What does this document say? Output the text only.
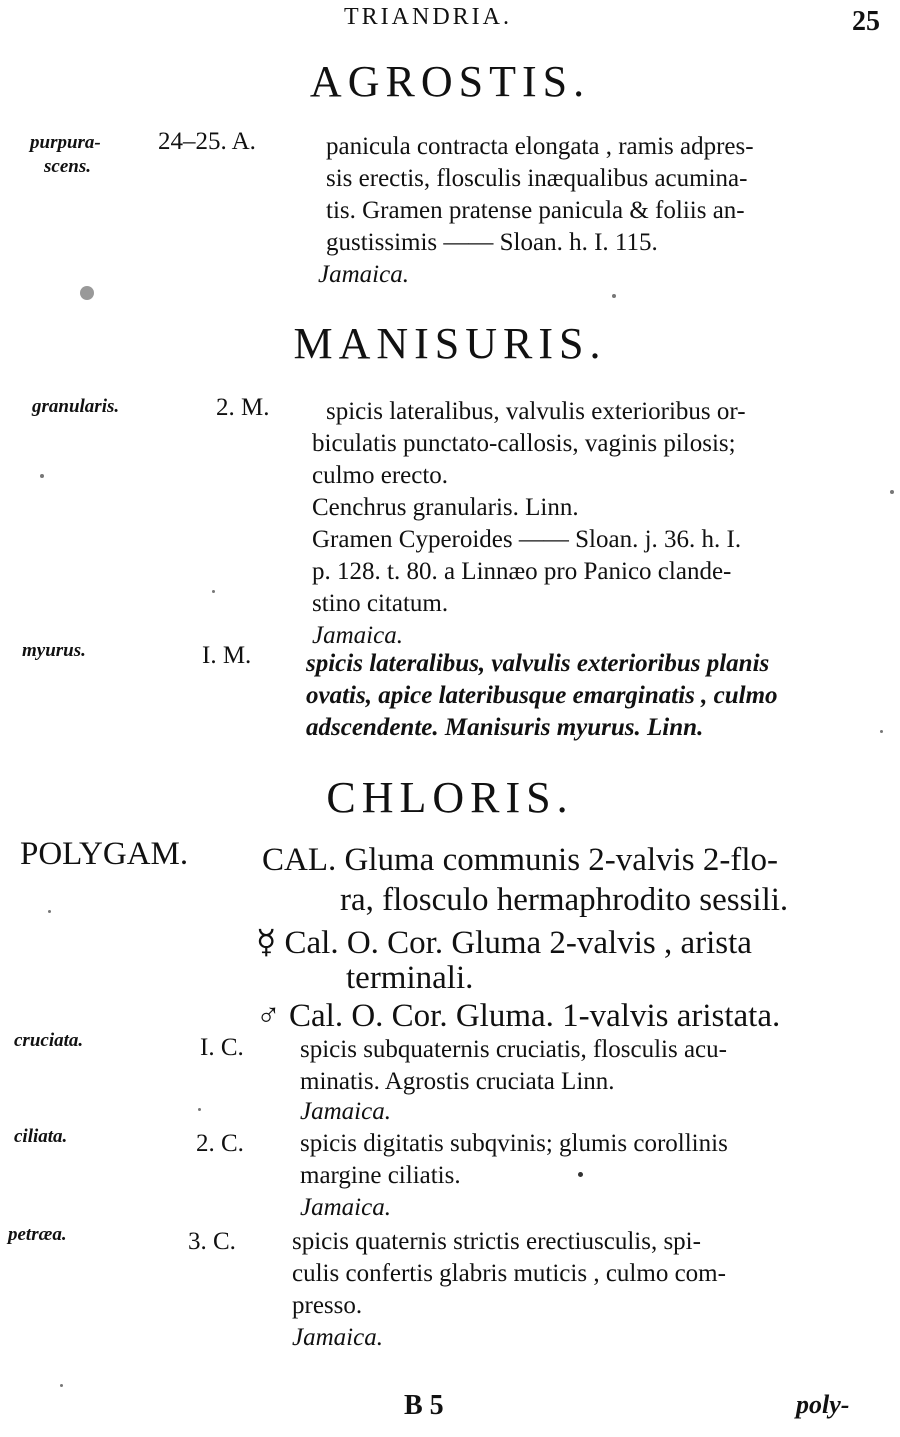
TRIANDRIA.	25
AGROSTIS.
purpura-
scens.
24–25. A.	panicula contracta elongata , ramis adpres-
sis erectis, flosculis inæqualibus acumina-
tis. Gramen pratense panicula & foliis an-
gustissimis —— Sloan. h. I. 115.
Jamaica.
MANISURIS.
granularis.	2. M. spicis lateralibus, valvulis exterioribus or-
biculatis punctato-callosis, vaginis pilosis;
culmo erecto.
Cenchrus granularis. Linn.
Gramen Cyperoides —— Sloan. j. 36. h. I.
p. 128. t. 80. a Linnæo pro Panico clande-
stino citatum.
Jamaica.
myurus.	I. M. spicis lateralibus, valvulis exterioribus planis
ovatis, apice lateribusque emarginatis , culmo
adscendente. Manisuris myurus. Linn.
CHLORIS.
POLYGAM. CAL. Gluma communis 2-valvis 2-flo-
ra, flosculo hermaphrodito sessili.
☿ Cal. O. Cor. Gluma 2-valvis , arista
terminali.
♂ Cal. O. Cor. Gluma. 1-valvis aristata.
cruciata.	I. C. spicis subquaternis cruciatis, flosculis acu-
minatis. Agrostis cruciata Linn.
Jamaica.
ciliata.	2. C. spicis digitatis subqvinis; glumis corollinis
margine ciliatis.
Jamaica.
petræa.	3. C. spicis quaternis strictis erectiusculis, spi-
culis confertis glabris muticis , culmo com-
presso.
Jamaica.
B 5	poly-
